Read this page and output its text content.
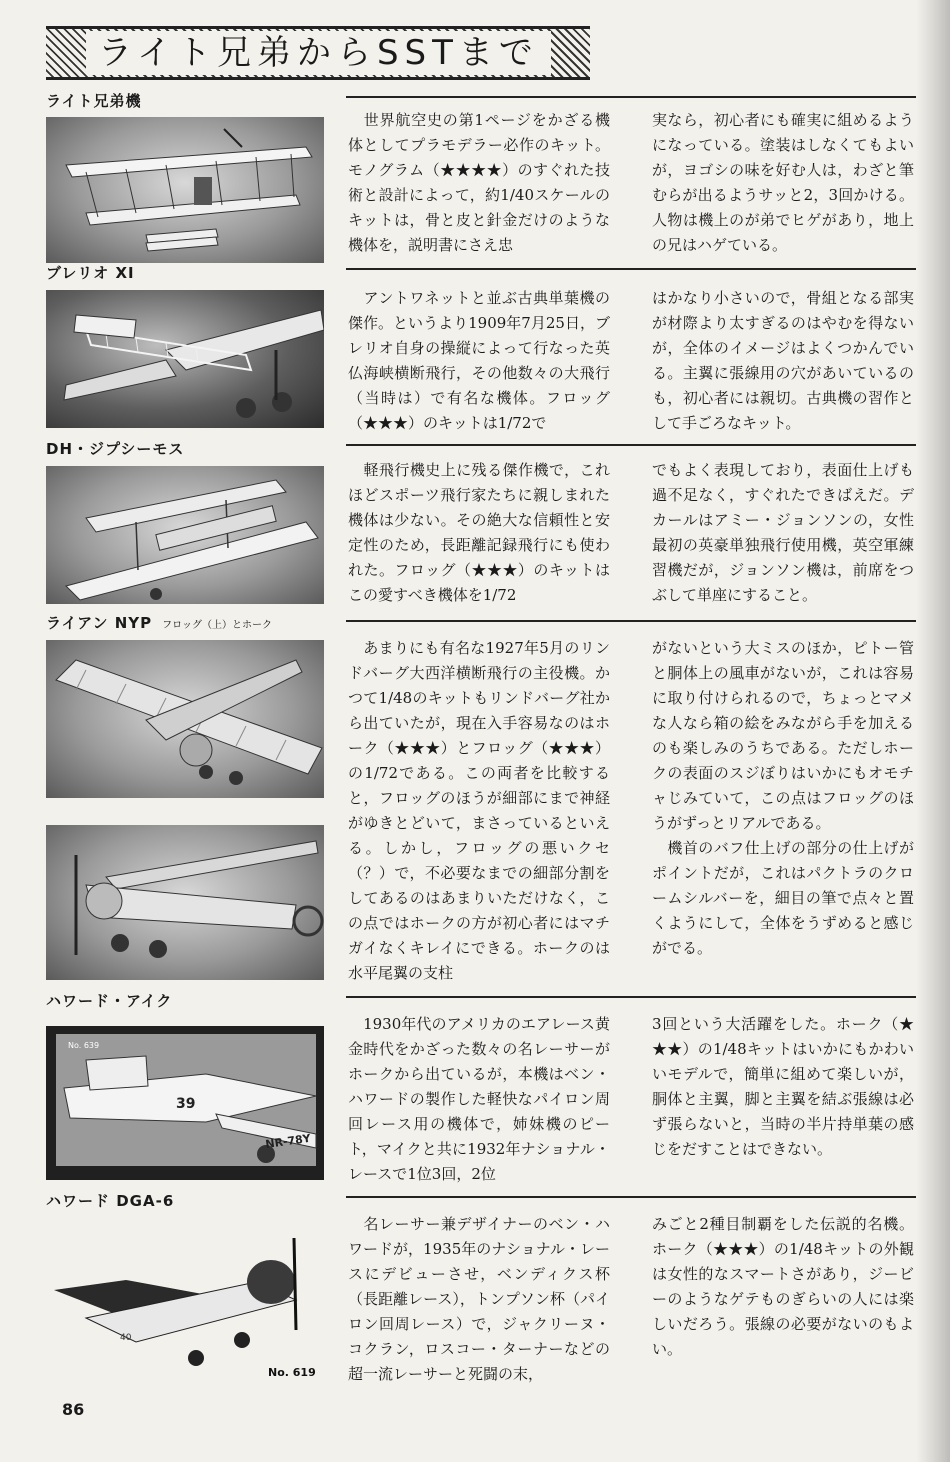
ライト兄弟からSSTまで
ライト兄弟機
　世界航空史の第1ページをかざる機体としてプラモデラー必作のキット。モノグラム（★★★★）のすぐれた技術と設計によって，約1/40スケールのキットは，骨と皮と針金だけのような機体を，説明書にさえ忠
実なら，初心者にも確実に組めるようになっている。塗装はしなくてもよいが，ヨゴシの味を好む人は，わざと筆むらが出るようサッと2，3回かける。人物は機上のが弟でヒゲがあり，地上の兄はハゲている。
ブレリオ XI
　アントワネットと並ぶ古典単葉機の傑作。というより1909年7月25日，ブレリオ自身の操縦によって行なった英仏海峡横断飛行，その他数々の大飛行（当時は）で有名な機体。フロッグ（★★★）のキットは1/72で
はかなり小さいので，骨組となる部実が材際より太すぎるのはやむを得ないが，全体のイメージはよくつかんでいる。主翼に張線用の穴があいているのも，初心者には親切。古典機の習作として手ごろなキット。
DH・ジプシーモス
　軽飛行機史上に残る傑作機で，これほどスポーツ飛行家たちに親しまれた機体は少ない。その絶大な信頼性と安定性のため，長距離記録飛行にも使われた。フロッグ（★★★）のキットはこの愛すべき機体を1/72
でもよく表現しており，表面仕上げも過不足なく，すぐれたできばえだ。デカールはアミー・ジョンソンの，女性最初の英豪単独飛行使用機，英空軍練習機だが，ジョンソン機は，前席をつぶして単座にすること。
ライアン NYP フロッグ（上）とホーク
　あまりにも有名な1927年5月のリンドバーグ大西洋横断飛行の主役機。かつて1/48のキットもリンドバーグ社から出ていたが，現在入手容易なのはホーク（★★★）とフロッグ（★★★）の1/72である。この両者を比較すると，フロッグのほうが細部にまで神経がゆきとどいて，まさっているといえる。しかし，フロッグの悪いクセ（？）で，不必要なまでの細部分割をしてあるのはあまりいただけなく，この点ではホークの方が初心者にはマチガイなくキレイにできる。ホークのは水平尾翼の支柱
がないという大ミスのほか，ピトー管と胴体上の風車がないが，これは容易に取り付けられるので，ちょっとマメな人なら箱の絵をみながら手を加えるのも楽しみのうちである。ただしホークの表面のスジぼりはいかにもオモチャじみていて，この点はフロッグのほうがずっとリアルである。
　機首のバフ仕上げの部分の仕上げがポイントだが，これはパクトラのクロームシルバーを，細目の筆で点々と置くようにして，全体をうずめると感じがでる。
ハワード・アイク
No. 639
39
NR-78Y
　1930年代のアメリカのエアレース黄金時代をかざった数々の名レーサーがホークから出ているが，本機はベン・ハワードの製作した軽快なパイロン周回レース用の機体で，姉妹機のピート，マイクと共に1932年ナショナル・レースで1位3回，2位
3回という大活躍をした。ホーク（★★★）の1/48キットはいかにもかわいいモデルで，簡単に組めて楽しいが，胴体と主翼，脚と主翼を結ぶ張線は必ず張らないと，当時の半片持単葉の感じをだすことはできない。
ハワード DGA-6
40
No. 619
　名レーサー兼デザイナーのベン・ハワードが，1935年のナショナル・レースにデビューさせ，ベンディクス杯（長距離レース），トンプソン杯（パイロン回周レース）で，ジャクリーヌ・コクラン，ロスコー・ターナーなどの超一流レーサーと死闘の末，
みごと2種目制覇をした伝説的名機。ホーク（★★★）の1/48キットの外観は女性的なスマートさがあり，ジービーのようなゲテものぎらいの人には楽しいだろう。張線の必要がないのもよい。
86
